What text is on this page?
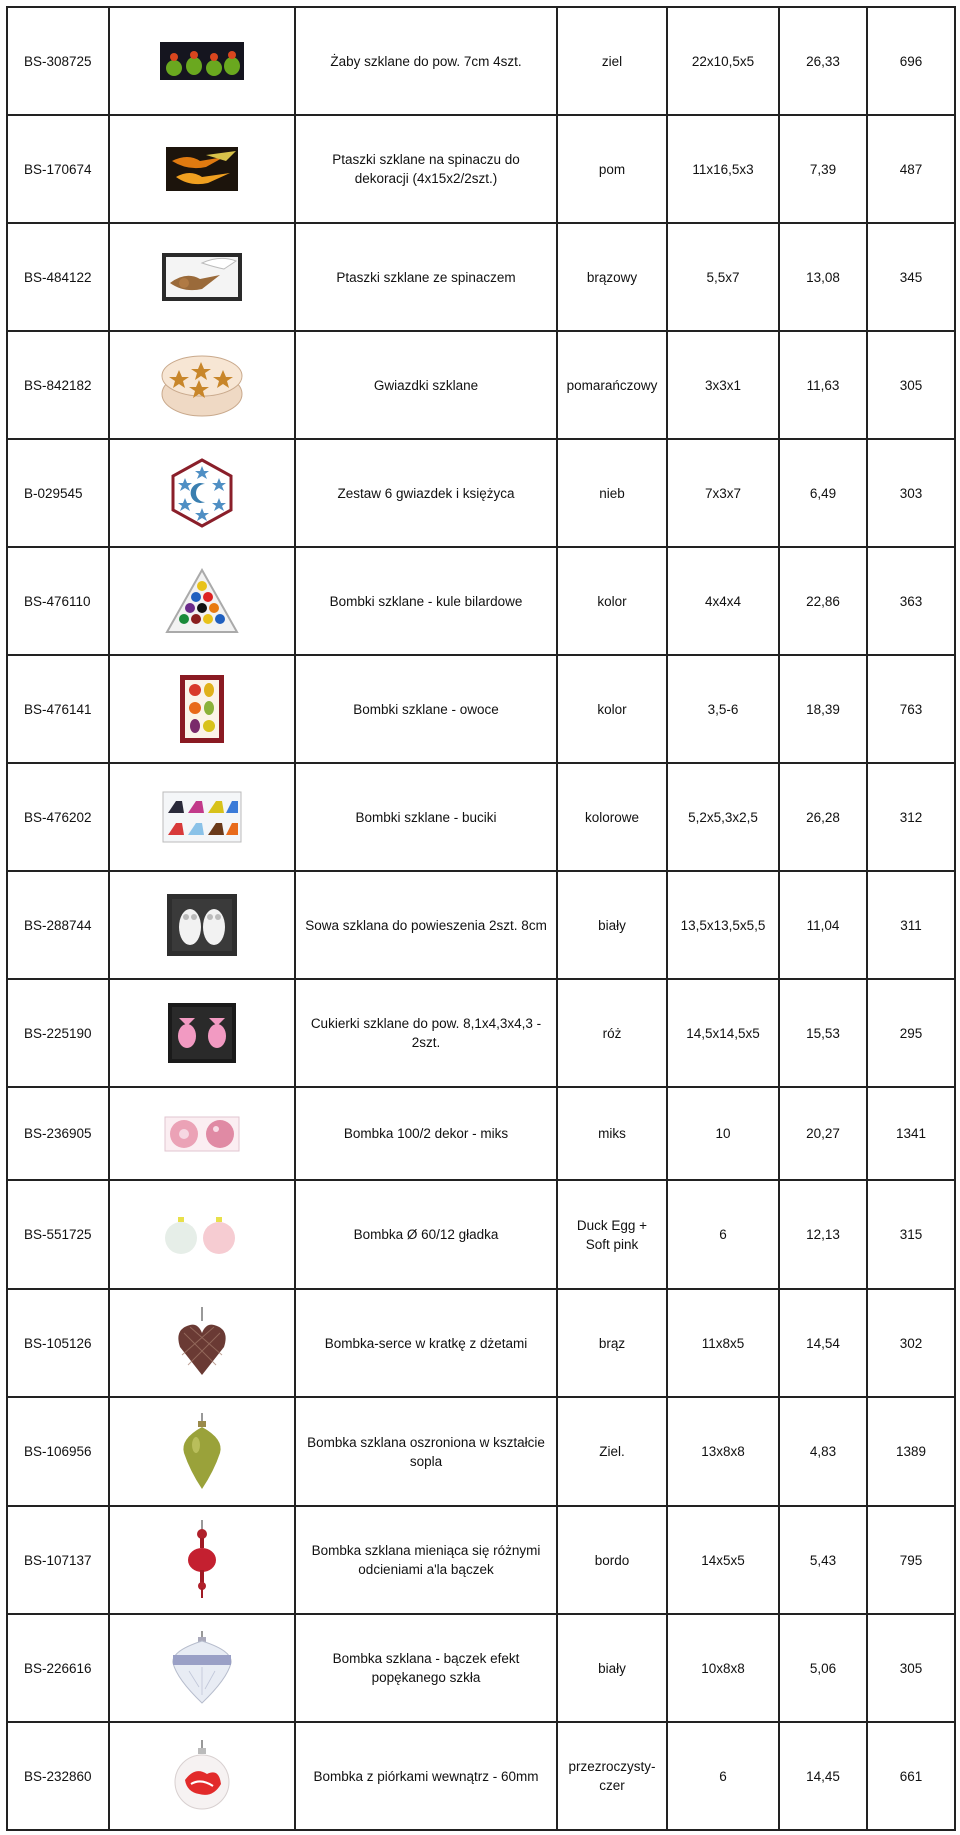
BS-308725		Żaby szklane do pow. 7cm 4szt.	ziel	22x10,5x5	26,33	696
BS-170674		Ptaszki szklane na spinaczu do dekoracji (4x15x2/2szt.)	pom	11x16,5x3	7,39	487
BS-484122		Ptaszki szklane ze spinaczem	brązowy	5,5x7	13,08	345
BS-842182		Gwiazdki szklane	pomarańczowy	3x3x1	11,63	305
B-029545		Zestaw 6 gwiazdek i księżyca	nieb	7x3x7	6,49	303
BS-476110		Bombki szklane - kule bilardowe	kolor	4x4x4	22,86	363
BS-476141		Bombki szklane - owoce	kolor	3,5-6	18,39	763
BS-476202		Bombki szklane - buciki	kolorowe	5,2x5,3x2,5	26,28	312
BS-288744		Sowa szklana do powieszenia 2szt. 8cm	biały	13,5x13,5x5,5	11,04	311
BS-225190		Cukierki szklane do pow. 8,1x4,3x4,3 - 2szt.	róż	14,5x14,5x5	15,53	295
BS-236905		Bombka 100/2 dekor - miks	miks	10	20,27	1341
BS-551725		Bombka Ø 60/12 gładka	Duck Egg + Soft pink	6	12,13	315
BS-105126		Bombka-serce w kratkę z dżetami	brąz	11x8x5	14,54	302
BS-106956		Bombka szklana oszroniona w kształcie sopla	Ziel.	13x8x8	4,83	1389
BS-107137		Bombka szklana mieniąca się różnymi odcieniami a'la bączek	bordo	14x5x5	5,43	795
BS-226616		Bombka szklana - bączek efekt popękanego szkła	biały	10x8x8	5,06	305
BS-232860		Bombka z piórkami wewnątrz - 60mm	przezroczysty-czer	6	14,45	661
